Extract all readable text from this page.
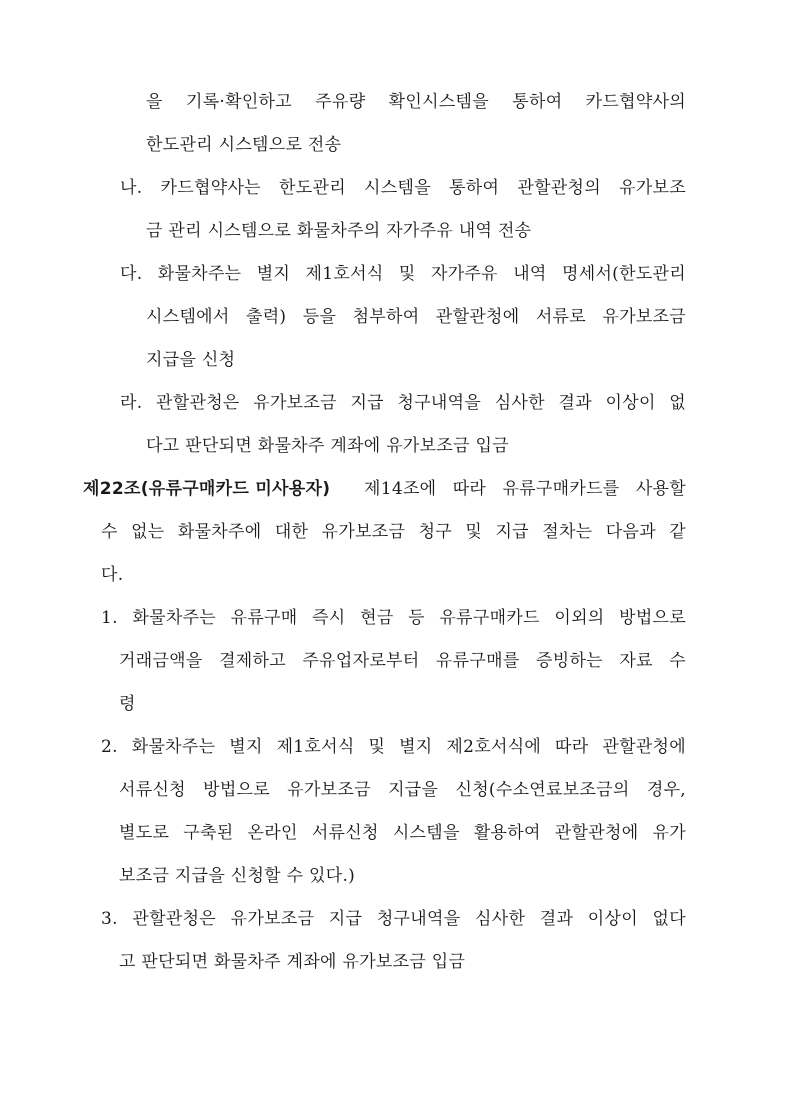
을 기록·확인하고 주유량 확인시스템을 통하여 카드협약사의
한도관리 시스템으로 전송
나. 카드협약사는 한도관리 시스템을 통하여 관할관청의 유가보조
금 관리 시스템으로 화물차주의 자가주유 내역 전송
다. 화물차주는 별지 제1호서식 및 자가주유 내역 명세서(한도관리
시스템에서 출력) 등을 첨부하여 관할관청에 서류로 유가보조금
지급을 신청
라. 관할관청은 유가보조금 지급 청구내역을 심사한 결과 이상이 없
다고 판단되면 화물차주 계좌에 유가보조금 입금
제22조(유류구매카드 미사용자) 제14조에 따라 유류구매카드를 사용할
수 없는 화물차주에 대한 유가보조금 청구 및 지급 절차는 다음과 같
다.
1. 화물차주는 유류구매 즉시 현금 등 유류구매카드 이외의 방법으로
거래금액을 결제하고 주유업자로부터 유류구매를 증빙하는 자료 수
령
2. 화물차주는 별지 제1호서식 및 별지 제2호서식에 따라 관할관청에
서류신청 방법으로 유가보조금 지급을 신청(수소연료보조금의 경우,
별도로 구축된 온라인 서류신청 시스템을 활용하여 관할관청에 유가
보조금 지급을 신청할 수 있다.)
3. 관할관청은 유가보조금 지급 청구내역을 심사한 결과 이상이 없다
고 판단되면 화물차주 계좌에 유가보조금 입금
